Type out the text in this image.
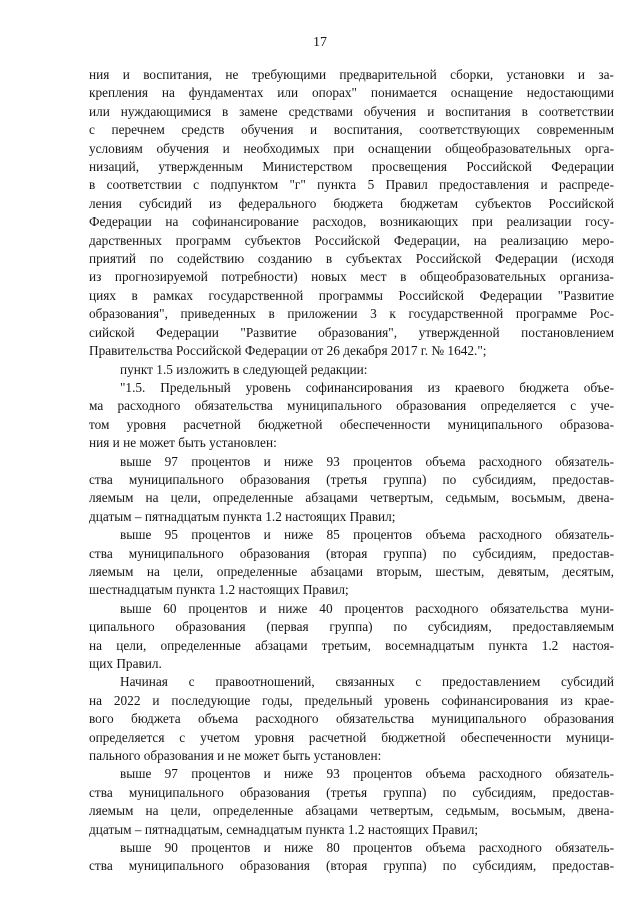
17

ния и воспитания, не требующими предварительной сборки, установки и за-

крепления на фундаментах или опорах" понимается оснащение недостающими

или нуждающимися в замене средствами обучения и воспитания в соответствии

с перечнем средств обучения и воспитания, соответствующих современным

условиям обучения и необходимых при оснащении общеобразовательных орга-

низаций, утвержденным Министерством просвещения Российской Федерации

в соответствии с подпунктом "г" пункта 5 Правил предоставления и распреде-

ления субсидий из федерального бюджета бюджетам субъектов Российской

Федерации на софинансирование расходов, возникающих при реализации госу-

дарственных программ субъектов Российской Федерации, на реализацию меро-

приятий по содействию созданию в субъектах Российской Федерации (исходя

из прогнозируемой потребности) новых мест в общеобразовательных организа-

циях в рамках государственной программы Российской Федерации "Развитие

образования", приведенных в приложении 3 к государственной программе Рос-

сийской Федерации "Развитие образования", утвержденной постановлением

Правительства Российской Федерации от 26 декабря 2017 г. № 1642.";

пункт 1.5 изложить в следующей редакции:

"1.5. Предельный уровень софинансирования из краевого бюджета объе-

ма расходного обязательства муниципального образования определяется с уче-

том уровня расчетной бюджетной обеспеченности муниципального образова-

ния и не может быть установлен:

выше 97 процентов и ниже 93 процентов объема расходного обязатель-

ства муниципального образования (третья группа) по субсидиям, предостав-

ляемым на цели, определенные абзацами четвертым, седьмым, восьмым, двена-

дцатым – пятнадцатым пункта 1.2 настоящих Правил;

выше 95 процентов и ниже 85 процентов объема расходного обязатель-

ства муниципального образования (вторая группа) по субсидиям, предостав-

ляемым на цели, определенные абзацами вторым, шестым, девятым, десятым,

шестнадцатым пункта 1.2 настоящих Правил;

выше 60 процентов и ниже 40 процентов расходного обязательства муни-

ципального образования (первая группа) по субсидиям, предоставляемым

на цели, определенные абзацами третьим, восемнадцатым пункта 1.2 настоя-

щих Правил.

Начиная с правоотношений, связанных с предоставлением субсидий

на 2022 и последующие годы, предельный уровень софинансирования из крае-

вого бюджета объема расходного обязательства муниципального образования

определяется с учетом уровня расчетной бюджетной обеспеченности муници-

пального образования и не может быть установлен:

выше 97 процентов и ниже 93 процентов объема расходного обязатель-

ства муниципального образования (третья группа) по субсидиям, предостав-

ляемым на цели, определенные абзацами четвертым, седьмым, восьмым, двена-

дцатым – пятнадцатым, семнадцатым пункта 1.2 настоящих Правил;

выше 90 процентов и ниже 80 процентов объема расходного обязатель-

ства муниципального образования (вторая группа) по субсидиям, предостав-
